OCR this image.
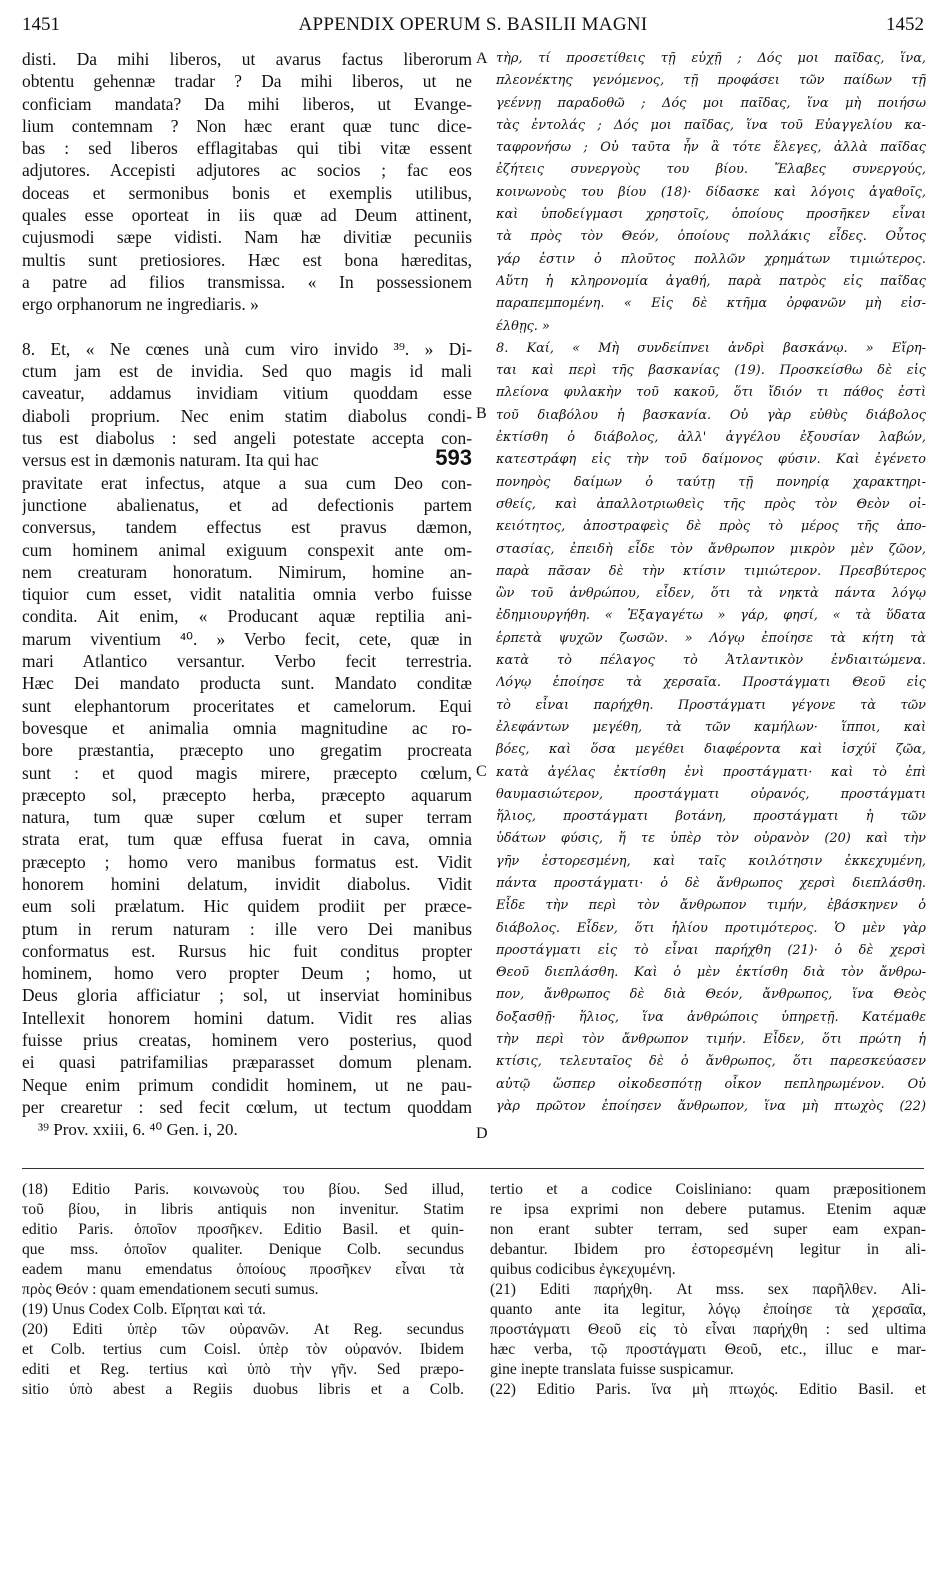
1451	APPENDIX OPERUM S. BASILII MAGNI	1452
disti. Da mihi liberos, ut avarus factus liberorum
obtentu gehennæ tradar ? Da mihi liberos, ut ne
conficiam mandata? Da mihi liberos, ut Evange-
lium contemnam ? Non hæc erant quæ tunc dice-
bas : sed liberos efflagitabas qui tibi vitæ essent
adjutores. Accepisti adjutores ac socios ; fac eos
doceas et sermonibus bonis et exemplis utilibus,
quales esse oporteat in iis quæ ad Deum attinent,
cujusmodi sæpe vidisti. Nam hæ divitiæ pecuniis
multis sunt pretiosiores. Hæc est bona hæreditas,
a patre ad filios transmissa. « In possessionem
ergo orphanorum ne ingrediaris. »
8. Et, « Ne cœnes unà cum viro invido ³⁹. » Di-
ctum jam est de invidia. Sed quo magis id mali
caveatur, addamus invidiam vitium quoddam esse
diaboli proprium. Nec enim statim diabolus condi-
tus est diabolus : sed angeli potestate accepta con-
versus est in dæmonis naturam. Ita qui hac	593
pravitate erat infectus, atque a sua cum Deo con-
junctione abalienatus, et ad defectionis partem
conversus, tandem effectus est pravus dæmon,
cum hominem animal exiguum conspexit ante om-
nem creaturam honoratum. Nimirum, homine an-
tiquior cum esset, vidit natalitia omnia verbo fuisse
condita. Ait enim, « Producant aquæ reptilia ani-
marum viventium ⁴⁰. » Verbo fecit, cete, quæ in
mari Atlantico versantur. Verbo fecit terrestria.
Hæc Dei mandato producta sunt. Mandato conditæ
sunt elephantorum proceritates et camelorum. Equi
bovesque et animalia omnia magnitudine ac ro-
bore præstantia, præcepto uno gregatim procreata
sunt : et quod magis mirere, præcepto cœlum,
præcepto sol, præcepto herba, præcepto aquarum
natura, tum quæ super cœlum et super terram
strata erat, tum quæ effusa fuerat in cava, omnia
præcepto ; homo vero manibus formatus est. Vidit
honorem homini delatum, invidit diabolus. Vidit
eum soli prælatum. Hic quidem prodiit per præce-
ptum in rerum naturam : ille vero Dei manibus
conformatus est. Rursus hic fuit conditus propter
hominem, homo vero propter Deum ; homo, ut
Deus gloria afficiatur ; sol, ut inserviat hominibus
Intellexit honorem homini datum. Vidit res alias
fuisse prius creatas, hominem vero posterius, quod
ei quasi patrifamilias præparasset domum plenam.
Neque enim primum condidit hominem, ut ne pau-
per crearetur : sed fecit cœlum, ut tectum quoddam
A
B
C
D
τὴρ, τί προσετίθεις τῇ εὐχῇ ; Δός μοι παῖδας, ἵνα,
πλεονέκτης γενόμενος, τῇ προφάσει τῶν παίδων τῇ
γεέννῃ παραδοθῶ ; Δός μοι παῖδας, ἵνα μὴ ποιήσω
τὰς ἐντολάς ; Δός μοι παῖδας, ἵνα τοῦ Εὐαγγελίου κα-
ταφρονήσω ; Οὐ ταῦτα ἦν ἃ τότε ἔλεγες, ἀλλὰ παῖδας
ἐζήτεις συνεργοὺς του βίου. Ἔλαβες συνεργούς,
κοινωνοὺς του βίου (18)· δίδασκε καὶ λόγοις ἀγαθοῖς,
καὶ ὑποδείγμασι χρηστοῖς, ὁποίους προσῆκεν εἶναι
τὰ πρὸς τὸν Θεόν, ὁποίους πολλάκις εἶδες. Οὗτος
γάρ ἐστιν ὁ πλοῦτος πολλῶν χρημάτων τιμιώτερος.
Αὕτη ἡ κληρονομία ἀγαθή, παρὰ πατρὸς εἰς παῖδας
παραπεμπομένη. « Εἰς δὲ κτῆμα ὀρφανῶν μὴ εἰσ-
έλθῃς. »
8. Καί, « Μὴ συνδείπνει ἀνδρὶ βασκάνῳ. » Εἴρη-
ται καὶ περὶ τῆς βασκανίας (19). Προσκείσθω δὲ εἰς
πλείονα φυλακὴν τοῦ κακοῦ, ὅτι ἴδιόν τι πάθος ἐστὶ
τοῦ διαβόλου ἡ βασκανία. Οὐ γὰρ εὐθὺς διάβολος
ἐκτίσθη ὁ διάβολος, ἀλλ' ἀγγέλου ἐξουσίαν λαβών,
κατεστράφη εἰς τὴν τοῦ δαίμονος φύσιν. Καὶ ἐγένετο
πονηρὸς δαίμων ὁ ταύτῃ τῇ πονηρίᾳ χαρακτηρι-
σθείς, καὶ ἀπαλλοτριωθεὶς τῆς πρὸς τὸν Θεὸν οἰ-
κειότητος, ἀποστραφεὶς δὲ πρὸς τὸ μέρος τῆς ἀπο-
στασίας, ἐπειδὴ εἶδε τὸν ἄνθρωπον μικρὸν μὲν ζῶον,
παρὰ πᾶσαν δὲ τὴν κτίσιν τιμιώτερον. Πρεσβύτερος
ὢν τοῦ ἀνθρώπου, εἶδεν, ὅτι τὰ νηκτὰ πάντα λόγῳ
ἐδημιουργήθη. « Ἐξαγαγέτω » γάρ, φησί, « τὰ ὕδατα
ἑρπετὰ ψυχῶν ζωσῶν. » Λόγῳ ἐποίησε τὰ κήτη τὰ
κατὰ τὸ πέλαγος τὸ Ἀτλαντικὸν ἐνδιαιτώμενα.
Λόγῳ ἐποίησε τὰ χερσαῖα. Προστάγματι Θεοῦ εἰς
τὸ εἶναι παρήχθη. Προστάγματι γέγονε τὰ τῶν
ἐλεφάντων μεγέθη, τὰ τῶν καμήλων· ἵπποι, καὶ
βόες, καὶ ὅσα μεγέθει διαφέροντα καὶ ἰσχύϊ ζῶα,
κατὰ ἀγέλας ἐκτίσθη ἑνὶ προστάγματι· καὶ τὸ ἐπὶ
θαυμασιώτερον, προστάγματι οὐρανός, προστάγματι
ἥλιος, προστάγματι βοτάνη, προστάγματι ἡ τῶν
ὑδάτων φύσις, ἥ τε ὑπὲρ τὸν οὐρανὸν (20) καὶ τὴν
γῆν ἐστορεσμένη, καὶ ταῖς κοιλότησιν ἐκκεχυμένη,
πάντα προστάγματι· ὁ δὲ ἄνθρωπος χερσὶ διεπλάσθη.
Εἶδε τὴν περὶ τὸν ἄνθρωπον τιμήν, ἐβάσκηνεν ὁ
διάβολος. Εἶδεν, ὅτι ἡλίου προτιμότερος. Ὁ μὲν γὰρ
προστάγματι εἰς τὸ εἶναι παρήχθη (21)· ὁ δὲ χερσὶ
Θεοῦ διεπλάσθη. Καὶ ὁ μὲν ἐκτίσθη διὰ τὸν ἄνθρω-
πον, ἄνθρωπος δὲ διὰ Θεόν, ἄνθρωπος, ἵνα Θεὸς
δοξασθῇ· ἥλιος, ἵνα ἀνθρώποις ὑπηρετῇ. Κατέμαθε
τὴν περὶ τὸν ἄνθρωπον τιμήν. Εἶδεν, ὅτι πρώτη ἡ
κτίσις, τελευταῖος δὲ ὁ ἄνθρωπος, ὅτι παρεσκεύασεν
αὐτῷ ὥσπερ οἰκοδεσπότῃ οἶκον πεπληρωμένον. Οὐ
γὰρ πρῶτον ἐποίησεν ἄνθρωπον, ἵνα μὴ πτωχὸς (22)
³⁹ Prov. xxiii, 6. ⁴⁰ Gen. i, 20.
(18) Editio Paris. κοινωνοὺς του βίου. Sed illud,
τοῦ βίου, in libris antiquis non invenitur. Statim
editio Paris. ὁποῖον προσῆκεν. Editio Basil. et quin-
que mss. ὁποῖον qualiter. Denique Colb. secundus
eadem manu emendatus ὁποίους προσῆκεν εἶναι τὰ
πρὸς Θεόν : quam emendationem secuti sumus.
(19) Unus Codex Colb. Εἴρηται καὶ τά.
(20) Editi ὑπὲρ τῶν οὐρανῶν. At Reg. secundus
et Colb. tertius cum Coisl. ὑπὲρ τὸν οὐρανόν. Ibidem
editi et Reg. tertius καὶ ὑπὸ τὴν γῆν. Sed præpo-
sitio ὑπὸ abest a Regiis duobus libris et a Colb.
tertio et a codice Coisliniano: quam præpositionem
re ipsa exprimi non debere putamus. Etenim aquæ
non erant subter terram, sed super eam expan-
debantur. Ibidem pro ἐστορεσμένη legitur in ali-
quibus codicibus ἐγκεχυμένη.
(21) Editi παρήχθη. At mss. sex παρῆλθεν. Ali-
quanto ante ita legitur, λόγῳ ἐποίησε τὰ χερσαῖα,
προστάγματι Θεοῦ εἰς τὸ εἶναι παρήχθη : sed ultima
hæc verba, τῷ προστάγματι Θεοῦ, etc., illuc e mar-
gine inepte translata fuisse suspicamur.
(22) Editio Paris. ἵνα μὴ πτωχός. Editio Basil. et
